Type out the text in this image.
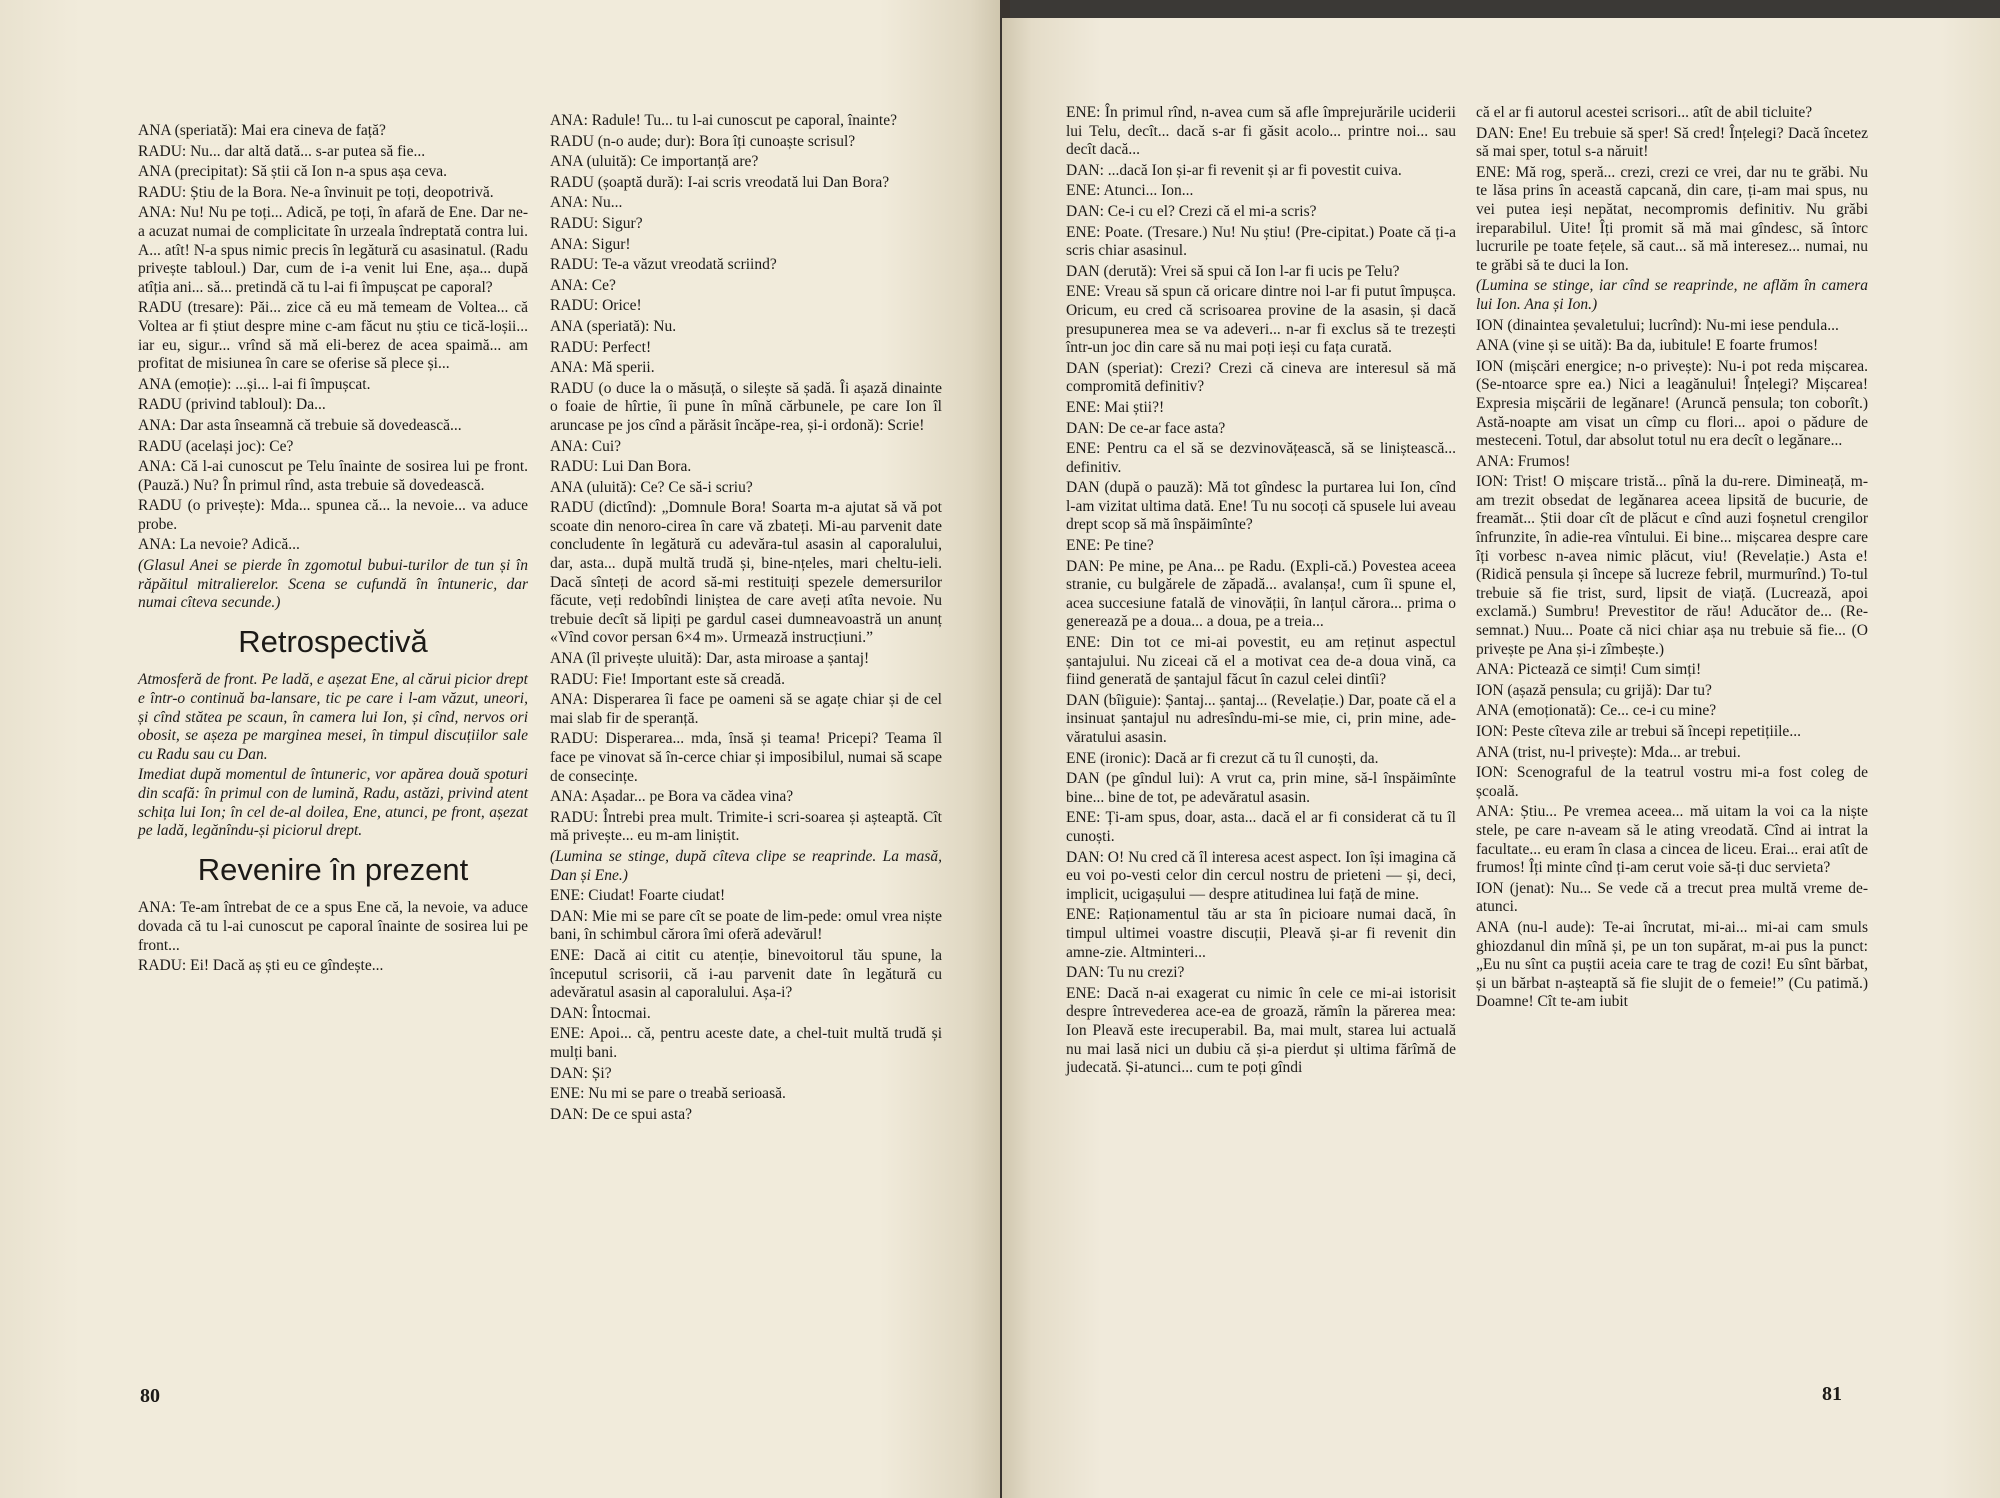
ANA (speriată): Mai era cineva de față?

RADU: Nu... dar altă dată... s-ar putea să fie...

ANA (precipitat): Să știi că Ion n-a spus așa ceva.

RADU: Știu de la Bora. Ne-a învinuit pe toți, deopotrivă.

ANA: Nu! Nu pe toți... Adică, pe toți, în afară de Ene. Dar ne-a acuzat numai de complicitate în urzeala îndreptată contra lui. A... atît! N-a spus nimic precis în legătură cu asasinatul. (Radu privește tabloul.) Dar, cum de i-a venit lui Ene, așa... după atîția ani... să... pretindă că tu l-ai fi împușcat pe caporal?

RADU (tresare): Păi... zice că eu mă temeam de Voltea... că Voltea ar fi știut despre mine c-am făcut nu știu ce tică-loșii... iar eu, sigur... vrînd să mă eli-berez de acea spaimă... am profitat de misiunea în care se oferise să plece și...

ANA (emoție): ...și... l-ai fi împușcat.

RADU (privind tabloul): Da...

ANA: Dar asta înseamnă că trebuie să dovedească...

RADU (același joc): Ce?

ANA: Că l-ai cunoscut pe Telu înainte de sosirea lui pe front. (Pauză.) Nu? În primul rînd, asta trebuie să dovedească.

RADU (o privește): Mda... spunea că... la nevoie... va aduce probe.

ANA: La nevoie? Adică...

(Glasul Anei se pierde în zgomotul bubui-turilor de tun și în răpăitul mitralierelor. Scena se cufundă în întuneric, dar numai cîteva secunde.)

Retrospectivă

Atmosferă de front. Pe ladă, e așezat Ene, al cărui picior drept e într-o continuă ba-lansare, tic pe care i l-am văzut, uneori, și cînd stătea pe scaun, în camera lui Ion, și cînd, nervos ori obosit, se așeza pe marginea mesei, în timpul discuțiilor sale cu Radu sau cu Dan.

Imediat după momentul de întuneric, vor apărea două spoturi din scafă: în primul con de lumină, Radu, astăzi, privind atent schița lui Ion; în cel de-al doilea, Ene, atunci, pe front, așezat pe ladă, legănîndu-și piciorul drept.

Revenire în prezent

ANA: Te-am întrebat de ce a spus Ene că, la nevoie, va aduce dovada că tu l-ai cunoscut pe caporal înainte de sosirea lui pe front...

RADU: Ei! Dacă aș ști eu ce gîndește...

ANA: Radule! Tu... tu l-ai cunoscut pe caporal, înainte?

RADU (n-o aude; dur): Bora îți cunoaște scrisul?

ANA (uluită): Ce importanță are?

RADU (șoaptă dură): I-ai scris vreodată lui Dan Bora?

ANA: Nu...

RADU: Sigur?

ANA: Sigur!

RADU: Te-a văzut vreodată scriind?

ANA: Ce?

RADU: Orice!

ANA (speriată): Nu.

RADU: Perfect!

ANA: Mă sperii.

RADU (o duce la o măsuță, o silește să șadă. Îi așază dinainte o foaie de hîrtie, îi pune în mînă cărbunele, pe care Ion îl aruncase pe jos cînd a părăsit încăpe-rea, și-i ordonă): Scrie!

ANA: Cui?

RADU: Lui Dan Bora.

ANA (uluită): Ce? Ce să-i scriu?

RADU (dictînd): „Domnule Bora! Soarta m-a ajutat să vă pot scoate din nenoro-cirea în care vă zbateți. Mi-au parvenit date concludente în legătură cu adevăra-tul asasin al caporalului, dar, asta... după multă trudă și, bine-nțeles, mari cheltu-ieli. Dacă sînteți de acord să-mi restituiți spezele demersurilor făcute, veți redobîndi liniștea de care aveți atîta nevoie. Nu trebuie decît să lipiți pe gardul casei dumneavoastră un anunț «Vînd covor persan 6×4 m». Urmează instrucțiuni.”

ANA (îl privește uluită): Dar, asta miroase a șantaj!

RADU: Fie! Important este să creadă.

ANA: Disperarea îi face pe oameni să se agațe chiar și de cel mai slab fir de speranță.

RADU: Disperarea... mda, însă și teama! Pricepi? Teama îl face pe vinovat să în-cerce chiar și imposibilul, numai să scape de consecințe.

ANA: Așadar... pe Bora va cădea vina?

RADU: Întrebi prea mult. Trimite-i scri-soarea și așteaptă. Cît mă privește... eu m-am liniștit.

(Lumina se stinge, după cîteva clipe se reaprinde. La masă, Dan și Ene.)

ENE: Ciudat! Foarte ciudat!

DAN: Mie mi se pare cît se poate de lim-pede: omul vrea niște bani, în schimbul cărora îmi oferă adevărul!

ENE: Dacă ai citit cu atenție, binevoitorul tău spune, la începutul scrisorii, că i-au parvenit date în legătură cu adevăratul asasin al caporalului. Așa-i?

DAN: Întocmai.

ENE: Apoi... că, pentru aceste date, a chel-tuit multă trudă și mulți bani.

DAN: Și?

ENE: Nu mi se pare o treabă serioasă.

DAN: De ce spui asta?

80

ENE: În primul rînd, n-avea cum să afle împrejurările uciderii lui Telu, decît... dacă s-ar fi găsit acolo... printre noi... sau decît dacă...

DAN: ...dacă Ion și-ar fi revenit și ar fi povestit cuiva.

ENE: Atunci... Ion...

DAN: Ce-i cu el? Crezi că el mi-a scris?

ENE: Poate. (Tresare.) Nu! Nu știu! (Pre-cipitat.) Poate că ți-a scris chiar asasinul.

DAN (derută): Vrei să spui că Ion l-ar fi ucis pe Telu?

ENE: Vreau să spun că oricare dintre noi l-ar fi putut împușca. Oricum, eu cred că scrisoarea provine de la asasin, și dacă presupunerea mea se va adeveri... n-ar fi exclus să te trezești într-un joc din care să nu mai poți ieși cu fața curată.

DAN (speriat): Crezi? Crezi că cineva are interesul să mă compromită definitiv?

ENE: Mai știi?!

DAN: De ce-ar face asta?

ENE: Pentru ca el să se dezvinovățească, să se liniștească... definitiv.

DAN (după o pauză): Mă tot gîndesc la purtarea lui Ion, cînd l-am vizitat ultima dată. Ene! Tu nu socoți că spusele lui aveau drept scop să mă înspăimînte?

ENE: Pe tine?

DAN: Pe mine, pe Ana... pe Radu. (Expli-că.) Povestea aceea stranie, cu bulgărele de zăpadă... avalanșa!, cum îi spune el, acea succesiune fatală de vinovății, în lanțul cărora... prima o generează pe a doua... a doua, pe a treia...

ENE: Din tot ce mi-ai povestit, eu am reținut aspectul șantajului. Nu ziceai că el a motivat cea de-a doua vină, ca fiind generată de șantajul făcut în cazul celei dintîi?

DAN (bîiguie): Șantaj... șantaj... (Revelație.) Dar, poate că el a insinuat șantajul nu adresîndu-mi-se mie, ci, prin mine, ade-văratului asasin.

ENE (ironic): Dacă ar fi crezut că tu îl cunoști, da.

DAN (pe gîndul lui): A vrut ca, prin mine, să-l înspăimînte bine... bine de tot, pe adevăratul asasin.

ENE: Ți-am spus, doar, asta... dacă el ar fi considerat că tu îl cunoști.

DAN: O! Nu cred că îl interesa acest aspect. Ion își imagina că eu voi po-vesti celor din cercul nostru de prieteni — și, deci, implicit, ucigașului — despre atitudinea lui față de mine.

ENE: Raționamentul tău ar sta în picioare numai dacă, în timpul ultimei voastre discuții, Pleavă și-ar fi revenit din amne-zie. Altminteri...

DAN: Tu nu crezi?

ENE: Dacă n-ai exagerat cu nimic în cele ce mi-ai istorisit despre întrevederea ace-ea de groază, rămîn la părerea mea: Ion Pleavă este irecuperabil. Ba, mai mult, starea lui actuală nu mai lasă nici un dubiu că și-a pierdut și ultima fărîmă de judecată. Și-atunci... cum te poți gîndi

că el ar fi autorul acestei scrisori... atît de abil ticluite?

DAN: Ene! Eu trebuie să sper! Să cred! Înțelegi? Dacă încetez să mai sper, totul s-a năruit!

ENE: Mă rog, speră... crezi, crezi ce vrei, dar nu te grăbi. Nu te lăsa prins în această capcană, din care, ți-am mai spus, nu vei putea ieși nepătat, necompromis definitiv. Nu grăbi ireparabilul. Uite! Îți promit să mă mai gîndesc, să întorc lucrurile pe toate fețele, să caut... să mă interesez... numai, nu te grăbi să te duci la Ion.

(Lumina se stinge, iar cînd se reaprinde, ne aflăm în camera lui Ion. Ana și Ion.)

ION (dinaintea șevaletului; lucrînd): Nu-mi iese pendula...

ANA (vine și se uită): Ba da, iubitule! E foarte frumos!

ION (mișcări energice; n-o privește): Nu-i pot reda mișcarea. (Se-ntoarce spre ea.) Nici a leagănului! Înțelegi? Mișcarea! Expresia mișcării de legănare! (Aruncă pensula; ton coborît.) Astă-noapte am visat un cîmp cu flori... apoi o pădure de mesteceni. Totul, dar absolut totul nu era decît o legănare...

ANA: Frumos!

ION: Trist! O mișcare tristă... pînă la du-rere. Dimineață, m-am trezit obsedat de legănarea aceea lipsită de bucurie, de freamăt... Știi doar cît de plăcut e cînd auzi foșnetul crengilor înfrunzite, în adie-rea vîntului. Ei bine... mișcarea despre care îți vorbesc n-avea nimic plăcut, viu! (Revelație.) Asta e! (Ridică pensula și începe să lucreze febril, murmurînd.) To-tul trebuie să fie trist, surd, lipsit de viață. (Lucrează, apoi exclamă.) Sumbru! Prevestitor de rău! Aducător de... (Re-semnat.) Nuu... Poate că nici chiar așa nu trebuie să fie... (O privește pe Ana și-i zîmbește.)

ANA: Pictează ce simți! Cum simți!

ION (așază pensula; cu grijă): Dar tu?

ANA (emoționată): Ce... ce-i cu mine?

ION: Peste cîteva zile ar trebui să începi repetițiile...

ANA (trist, nu-l privește): Mda... ar trebui.

ION: Scenograful de la teatrul vostru mi-a fost coleg de școală.

ANA: Știu... Pe vremea aceea... mă uitam la voi ca la niște stele, pe care n-aveam să le ating vreodată. Cînd ai intrat la facultate... eu eram în clasa a cincea de liceu. Erai... erai atît de frumos! Îți minte cînd ți-am cerut voie să-ți duc servieta?

ION (jenat): Nu... Se vede că a trecut prea multă vreme de-atunci.

ANA (nu-l aude): Te-ai încrutat, mi-ai... mi-ai cam smuls ghiozdanul din mînă și, pe un ton supărat, m-ai pus la punct: „Eu nu sînt ca puștii aceia care te trag de cozi! Eu sînt bărbat, și un bărbat n-așteaptă să fie slujit de o femeie!” (Cu patimă.) Doamne! Cît te-am iubit

81
